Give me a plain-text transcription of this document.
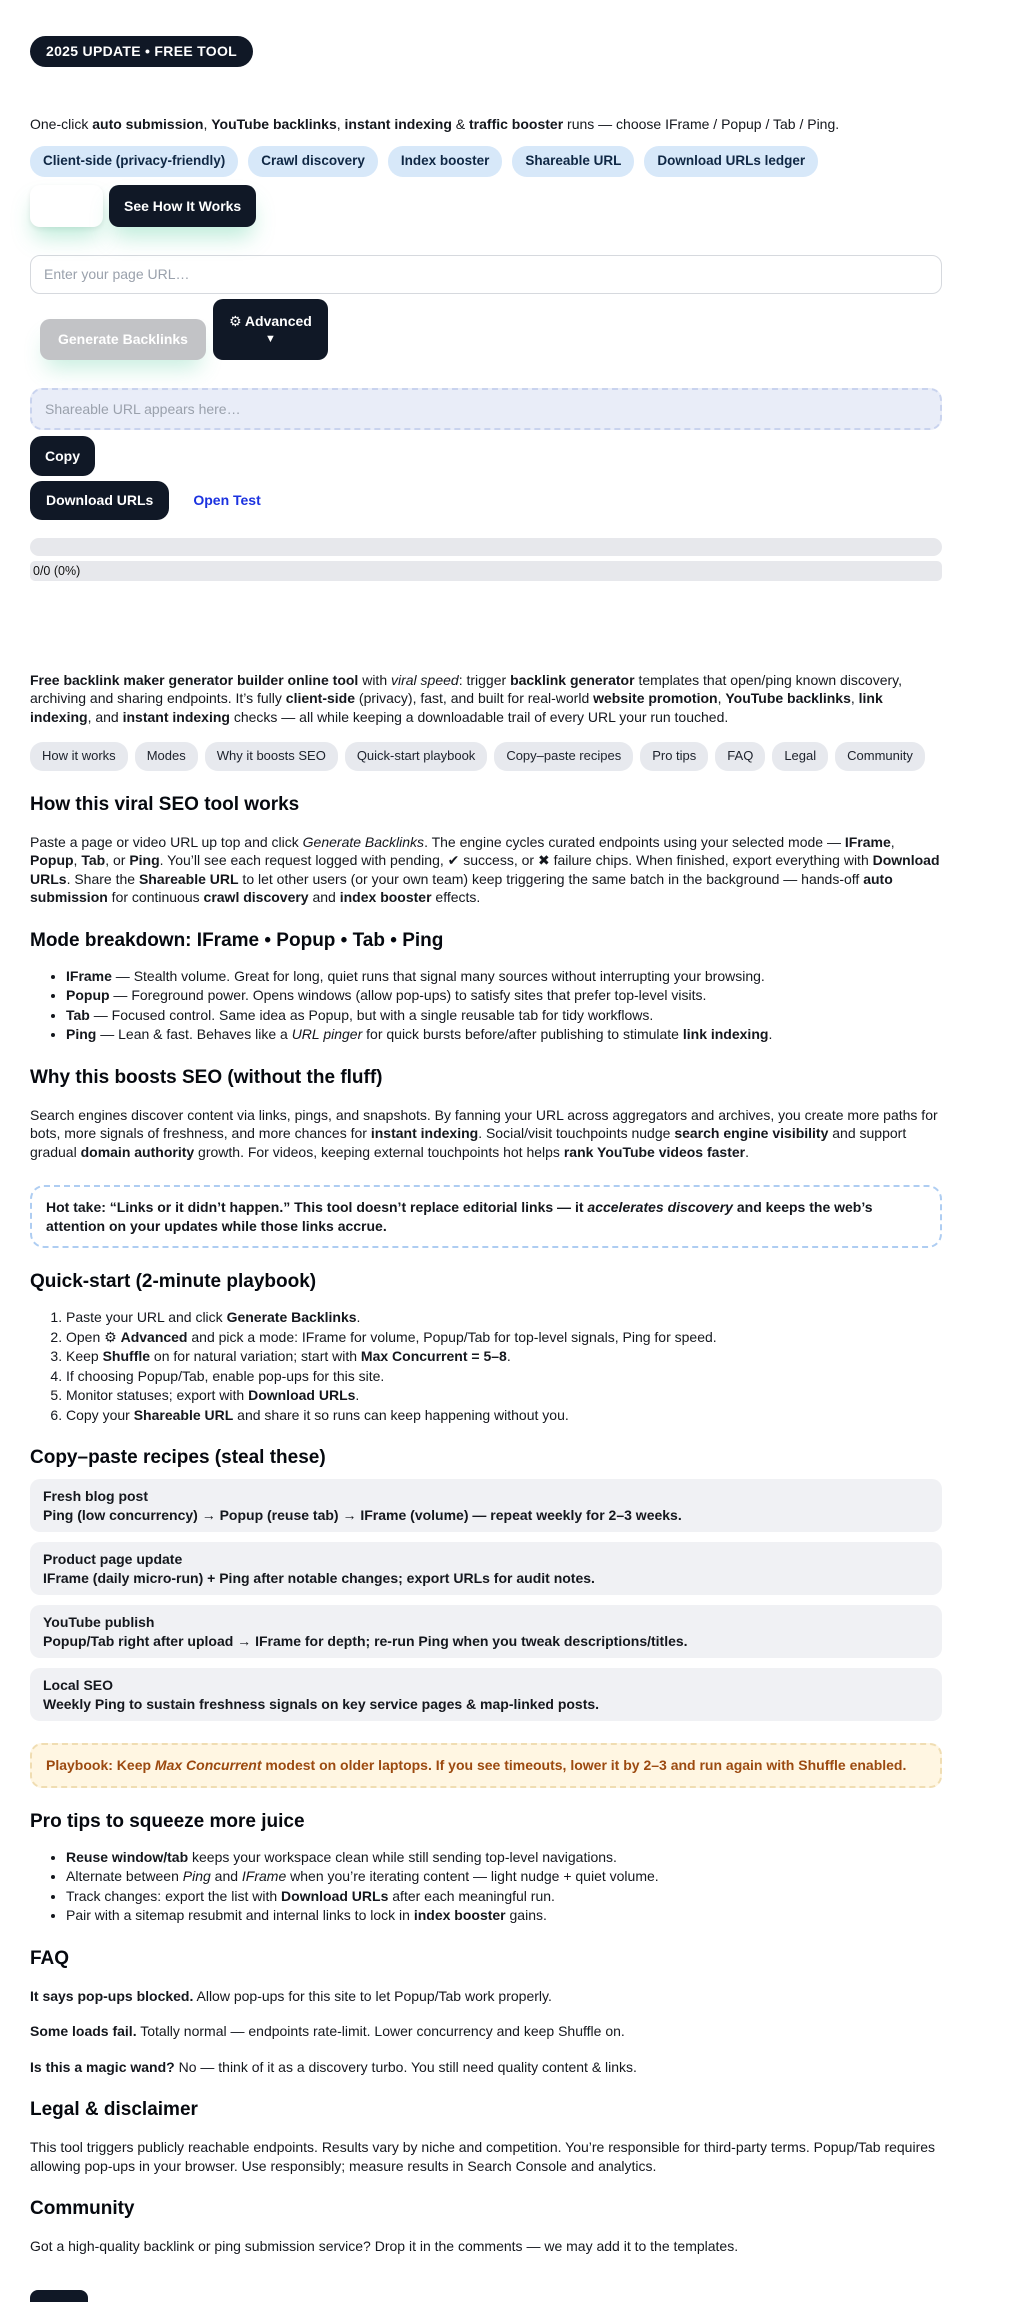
2025 UPDATE • FREE TOOL

One-click auto submission, YouTube backlinks, instant indexing & traffic booster runs — choose IFrame / Popup / Tab / Ping.

Client-side (privacy-friendly)	Crawl discovery	Index booster	Shareable URL	Download URLs ledger
See How It Works
Enter your page URL…
Generate Backlinks
⚙ Advanced
▼
Shareable URL appears here… Copy
Download URLs	Open Test
0/0 (0%)

Free backlink maker generator builder online tool with viral speed: trigger backlink generator templates that open/ping known discovery, archiving and sharing endpoints. It’s fully client-side (privacy), fast, and built for real-world website promotion, YouTube backlinks, link indexing, and instant indexing checks — all while keeping a downloadable trail of every URL your run touched.

How it works	Modes	Why it boosts SEO	Quick-start playbook	Copy–paste recipes	Pro tips	FAQ	Legal	Community
How this viral SEO tool works

Paste a page or video URL up top and click Generate Backlinks. The engine cycles curated endpoints using your selected mode — IFrame, Popup, Tab, or Ping. You’ll see each request logged with pending, ✔ success, or ✖ failure chips. When finished, export everything with Download URLs. Share the Shareable URL to let other users (or your own team) keep triggering the same batch in the background — hands-off auto submission for continuous crawl discovery and index booster effects.

Mode breakdown: IFrame • Popup • Tab • Ping
• IFrame — Stealth volume. Great for long, quiet runs that signal many sources without interrupting your browsing.
• Popup — Foreground power. Opens windows (allow pop-ups) to satisfy sites that prefer top-level visits.
• Tab — Focused control. Same idea as Popup, but with a single reusable tab for tidy workflows.
• Ping — Lean & fast. Behaves like a URL pinger for quick bursts before/after publishing to stimulate link indexing.
Why this boosts SEO (without the fluff)

Search engines discover content via links, pings, and snapshots. By fanning your URL across aggregators and archives, you create more paths for bots, more signals of freshness, and more chances for instant indexing. Social/visit touchpoints nudge search engine visibility and support gradual domain authority growth. For videos, keeping external touchpoints hot helps rank YouTube videos faster.

Hot take: “Links or it didn’t happen.” This tool doesn’t replace editorial links — it accelerates discovery and keeps the web’s attention on your updates while those links accrue.
Quick-start (2-minute playbook)
1. Paste your URL and click Generate Backlinks.
2. Open ⚙ Advanced and pick a mode: IFrame for volume, Popup/Tab for top-level signals, Ping for speed.
3. Keep Shuffle on for natural variation; start with Max Concurrent = 5–8.
4. If choosing Popup/Tab, enable pop-ups for this site.
5. Monitor statuses; export with Download URLs.
6. Copy your Shareable URL and share it so runs can keep happening without you.
Copy–paste recipes (steal these)
Fresh blog post
Ping (low concurrency) → Popup (reuse tab) → IFrame (volume) — repeat weekly for 2–3 weeks.
Product page update
IFrame (daily micro-run) + Ping after notable changes; export URLs for audit notes.
YouTube publish
Popup/Tab right after upload → IFrame for depth; re-run Ping when you tweak descriptions/titles.
Local SEO
Weekly Ping to sustain freshness signals on key service pages & map-linked posts.
Playbook: Keep Max Concurrent modest on older laptops. If you see timeouts, lower it by 2–3 and run again with Shuffle enabled.
Pro tips to squeeze more juice
• Reuse window/tab keeps your workspace clean while still sending top-level navigations.
• Alternate between Ping and IFrame when you’re iterating content — light nudge + quiet volume.
• Track changes: export the list with Download URLs after each meaningful run.
• Pair with a sitemap resubmit and internal links to lock in index booster gains.
FAQ

It says pop-ups blocked. Allow pop-ups for this site to let Popup/Tab work properly.

Some loads fail. Totally normal — endpoints rate-limit. Lower concurrency and keep Shuffle on.

Is this a magic wand? No — think of it as a discovery turbo. You still need quality content & links.

Legal & disclaimer

This tool triggers publicly reachable endpoints. Results vary by niche and competition. You’re responsible for third-party terms. Popup/Tab requires allowing pop-ups in your browser. Use responsibly; measure results in Search Console and analytics.

Community

Got a high-quality backlink or ping submission service? Drop it in the comments — we may add it to the templates.
